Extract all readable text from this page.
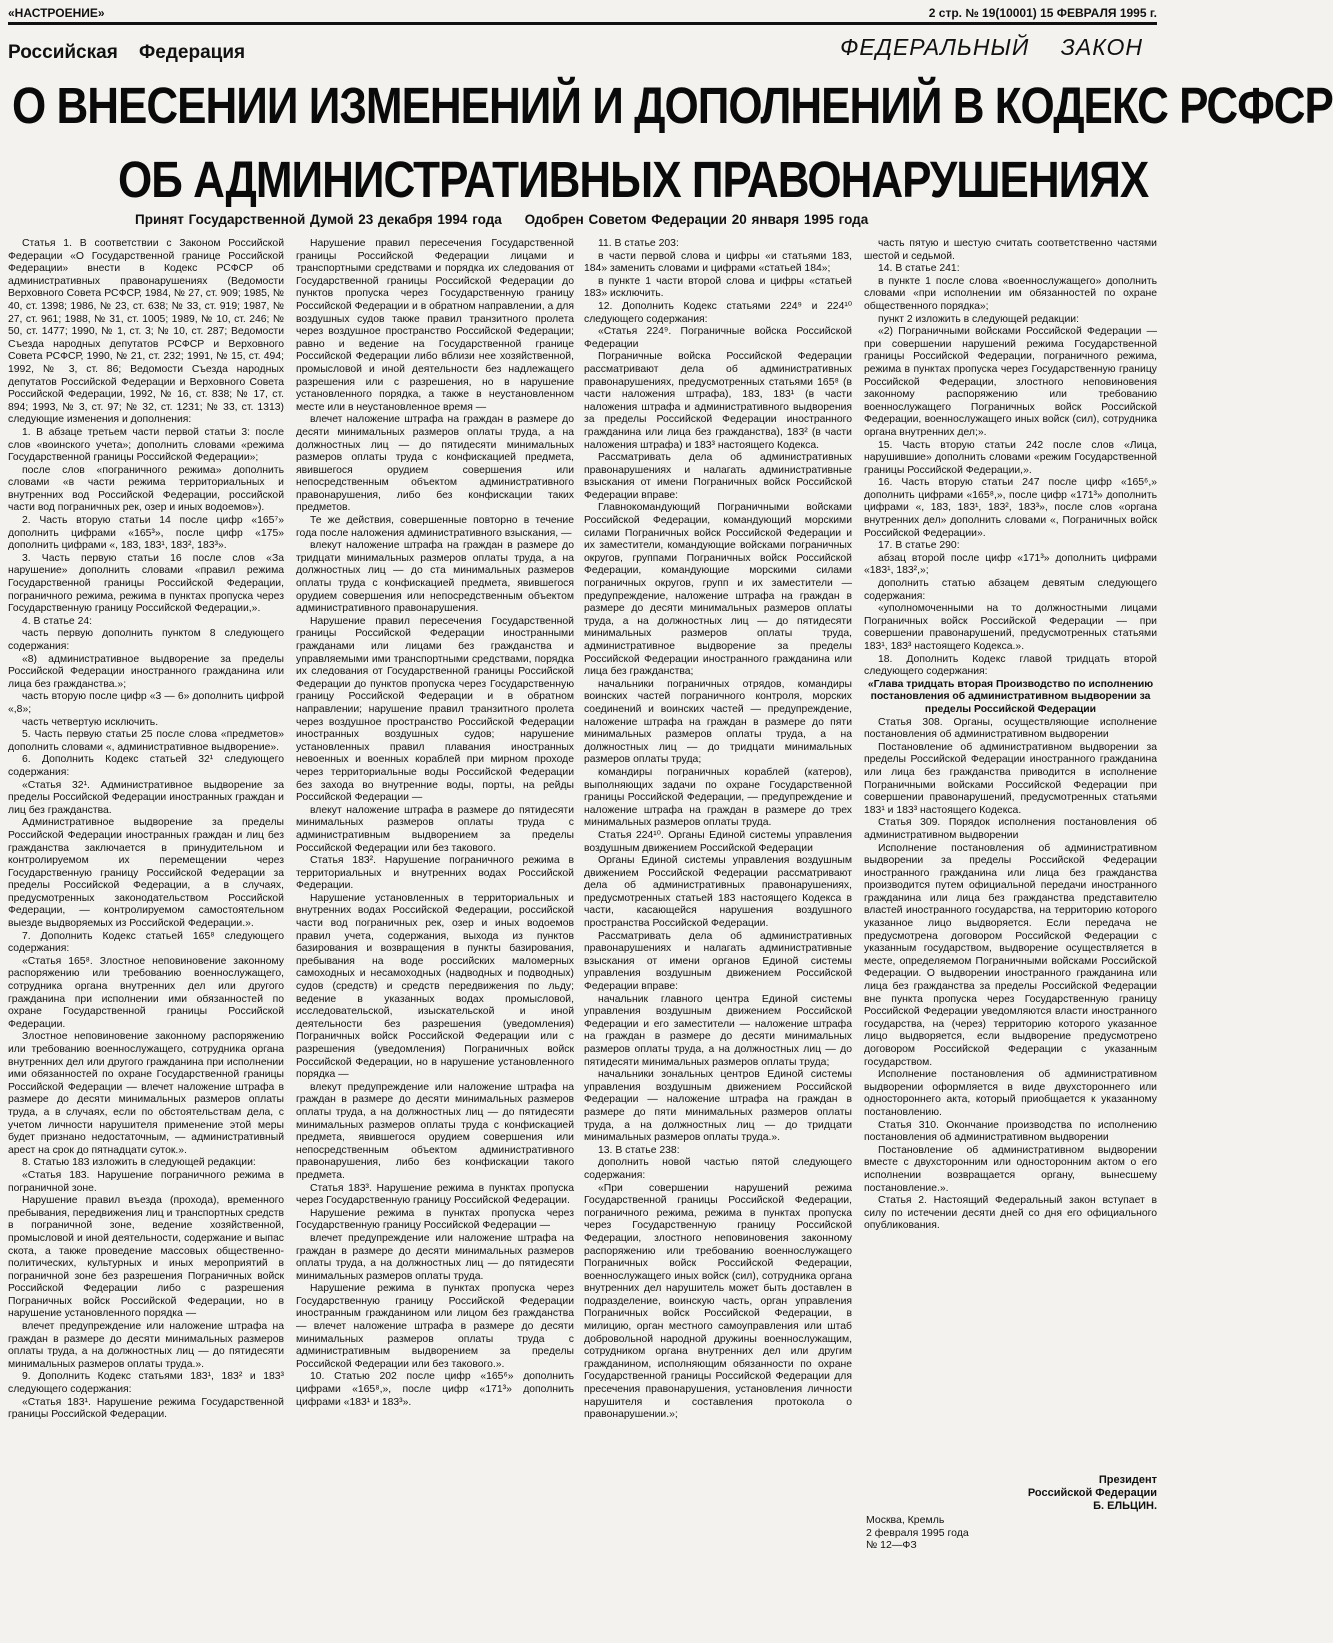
«НАСТРОЕНИЕ»	2 стр. № 19(10001) 15 ФЕВРАЛЯ 1995 г.
Российская Федерация	ФЕДЕРАЛЬНЫЙ ЗАКОН
О ВНЕСЕНИИ ИЗМЕНЕНИЙ И ДОПОЛНЕНИЙ В КОДЕКС РСФСР
ОБ АДМИНИСТРАТИВНЫХ ПРАВОНАРУШЕНИЯХ
Принят Государственной Думой 23 декабря 1994 года Одобрен Советом Федерации 20 января 1995 года

Статья 1. В соответствии с Законом Российской Федерации «О Государственной границе Российской Федерации» внести в Кодекс РСФСР об административных правонарушениях (Ведомости Верховного Совета РСФСР, 1984, № 27, ст. 909; 1985, № 40, ст. 1398; 1986, № 23, ст. 638; № 33, ст. 919; 1987, № 27, ст. 961; 1988, № 31, ст. 1005; 1989, № 10, ст. 246; № 50, ст. 1477; 1990, № 1, ст. 3; № 10, ст. 287; Ведомости Съезда народных депутатов РСФСР и Верховного Совета РСФСР, 1990, № 21, ст. 232; 1991, № 15, ст. 494; 1992, № 3, ст. 86; Ведомости Съезда народных депутатов Российской Федерации и Верховного Совета Российской Федерации, 1992, № 16, ст. 838; № 17, ст. 894; 1993, № 3, ст. 97; № 32, ст. 1231; № 33, ст. 1313) следующие изменения и дополнения:

1. В абзаце третьем части первой статьи 3: после слов «воинского учета»; дополнить словами «режима Государственной границы Российской Федерации»;

после слов «пограничного режима» дополнить словами «в части режима территориальных и внутренних вод Российской Федерации, российской части вод пограничных рек, озер и иных водоемов»).

2. Часть вторую статьи 14 после цифр «165⁷» дополнить цифрами «165³», после цифр «175» дополнить цифрами «, 183, 183¹, 183², 183³».

3. Часть первую статьи 16 после слов «За нарушение» дополнить словами «правил режима Государственной границы Российской Федерации, пограничного режима, режима в пунктах пропуска через Государственную границу Российской Федерации,».

4. В статье 24:

часть первую дополнить пунктом 8 следующего содержания:

«8) административное выдворение за пределы Российской Федерации иностранного гражданина или лица без гражданства.»;

часть вторую после цифр «3 — 6» дополнить цифрой «,8»;

часть четвертую исключить.

5. Часть первую статьи 25 после слова «предметов» дополнить словами «, административное выдворение».

6. Дополнить Кодекс статьей 32¹ следующего содержания:

«Статья 32¹. Административное выдворение за пределы Российской Федерации иностранных граждан и лиц без гражданства.

Административное выдворение за пределы Российской Федерации иностранных граждан и лиц без гражданства заключается в принудительном и контролируемом их перемещении через Государственную границу Российской Федерации за пределы Российской Федерации, а в случаях, предусмотренных законодательством Российской Федерации, — контролируемом самостоятельном выезде выдворяемых из Российской Федерации.».

7. Дополнить Кодекс статьей 165⁸ следующего содержания:

«Статья 165⁸. Злостное неповиновение законному распоряжению или требованию военнослужащего, сотрудника органа внутренних дел или другого гражданина при исполнении ими обязанностей по охране Государственной границы Российской Федерации.

Злостное неповиновение законному распоряжению или требованию военнослужащего, сотрудника органа внутренних дел или другого гражданина при исполнении ими обязанностей по охране Государственной границы Российской Федерации — влечет наложение штрафа в размере до десяти минимальных размеров оплаты труда, а в случаях, если по обстоятельствам дела, с учетом личности нарушителя применение этой меры будет признано недостаточным, — административный арест на срок до пятнадцати суток.».

8. Статью 183 изложить в следующей редакции:

«Статья 183. Нарушение пограничного режима в пограничной зоне.

Нарушение правил въезда (прохода), временного пребывания, передвижения лиц и транспортных средств в пограничной зоне, ведение хозяйственной, промысловой и иной деятельности, содержание и выпас скота, а также проведение массовых общественно-политических, культурных и иных мероприятий в пограничной зоне без разрешения Пограничных войск Российской Федерации либо с разрешения Пограничных войск Российской Федерации, но в нарушение установленного порядка —

влечет предупреждение или наложение штрафа на граждан в размере до десяти минимальных размеров оплаты труда, а на должностных лиц — до пятидесяти минимальных размеров оплаты труда.».

9. Дополнить Кодекс статьями 183¹, 183² и 183³ следующего содержания:

«Статья 183¹. Нарушение режима Государственной границы Российской Федерации.

Нарушение правил пересечения Государственной границы Российской Федерации лицами и транспортными средствами и порядка их следования от Государственной границы Российской Федерации до пунктов пропуска через Государственную границу Российской Федерации и в обратном направлении, а для воздушных судов также правил транзитного пролета через воздушное пространство Российской Федерации; равно и ведение на Государственной границе Российской Федерации либо вблизи нее хозяйственной, промысловой и иной деятельности без надлежащего разрешения или с разрешения, но в нарушение установленного порядка, а также в неустановленном месте или в неустановленное время —

влечет наложение штрафа на граждан в размере до десяти минимальных размеров оплаты труда, а на должностных лиц — до пятидесяти минимальных размеров оплаты труда с конфискацией предмета, явившегося орудием совершения или непосредственным объектом административного правонарушения, либо без конфискации таких предметов.

Те же действия, совершенные повторно в течение года после наложения административного взыскания, —

влекут наложение штрафа на граждан в размере до тридцати минимальных размеров оплаты труда, а на должностных лиц — до ста минимальных размеров оплаты труда с конфискацией предмета, явившегося орудием совершения или непосредственным объектом административного правонарушения.

Нарушение правил пересечения Государственной границы Российской Федерации иностранными гражданами или лицами без гражданства и управляемыми ими транспортными средствами, порядка их следования от Государственной границы Российской Федерации до пунктов пропуска через Государственную границу Российской Федерации и в обратном направлении; нарушение правил транзитного пролета через воздушное пространство Российской Федерации иностранных воздушных судов; нарушение установленных правил плавания иностранных невоенных и военных кораблей при мирном проходе через территориальные воды Российской Федерации без захода во внутренние воды, порты, на рейды Российской Федерации —

влекут наложение штрафа в размере до пятидесяти минимальных размеров оплаты труда с административным выдворением за пределы Российской Федерации или без такового.

Статья 183². Нарушение пограничного режима в территориальных и внутренних водах Российской Федерации.

Нарушение установленных в территориальных и внутренних водах Российской Федерации, российской части вод пограничных рек, озер и иных водоемов правил учета, содержания, выхода из пунктов базирования и возвращения в пункты базирования, пребывания на воде российских маломерных самоходных и несамоходных (надводных и подводных) судов (средств) и средств передвижения по льду; ведение в указанных водах промысловой, исследовательской, изыскательской и иной деятельности без разрешения (уведомления) Пограничных войск Российской Федерации или с разрешения (уведомления) Пограничных войск Российской Федерации, но в нарушение установленного порядка —

влекут предупреждение или наложение штрафа на граждан в размере до десяти минимальных размеров оплаты труда, а на должностных лиц — до пятидесяти минимальных размеров оплаты труда с конфискацией предмета, явившегося орудием совершения или непосредственным объектом административного правонарушения, либо без конфискации такого предмета.

Статья 183³. Нарушение режима в пунктах пропуска через Государственную границу Российской Федерации.

Нарушение режима в пунктах пропуска через Государственную границу Российской Федерации —

влечет предупреждение или наложение штрафа на граждан в размере до десяти минимальных размеров оплаты труда, а на должностных лиц — до пятидесяти минимальных размеров оплаты труда.

Нарушение режима в пунктах пропуска через Государственную границу Российской Федерации иностранным гражданином или лицом без гражданства — влечет наложение штрафа в размере до десяти минимальных размеров оплаты труда с административным выдворением за пределы Российской Федерации или без такового.».

10. Статью 202 после цифр «165⁶» дополнить цифрами «165⁸,», после цифр «171³» дополнить цифрами «183¹ и 183³».

11. В статье 203:

в части первой слова и цифры «и статьями 183, 184» заменить словами и цифрами «статьей 184»;

в пункте 1 части второй слова и цифры «статьей 183» исключить.

12. Дополнить Кодекс статьями 224⁹ и 224¹⁰ следующего содержания:

«Статья 224⁹. Пограничные войска Российской Федерации

Пограничные войска Российской Федерации рассматривают дела об административных правонарушениях, предусмотренных статьями 165⁸ (в части наложения штрафа), 183, 183¹ (в части наложения штрафа и административного выдворения за пределы Российской Федерации иностранного гражданина или лица без гражданства), 183² (в части наложения штрафа) и 183³ настоящего Кодекса.

Рассматривать дела об административных правонарушениях и налагать административные взыскания от имени Пограничных войск Российской Федерации вправе:

Главнокомандующий Пограничными войсками Российской Федерации, командующий морскими силами Пограничных войск Российской Федерации и их заместители, командующие войсками пограничных округов, группами Пограничных войск Российской Федерации, командующие морскими силами пограничных округов, групп и их заместители — предупреждение, наложение штрафа на граждан в размере до десяти минимальных размеров оплаты труда, а на должностных лиц — до пятидесяти минимальных размеров оплаты труда, административное выдворение за пределы Российской Федерации иностранного гражданина или лица без гражданства;

начальники пограничных отрядов, командиры воинских частей пограничного контроля, морских соединений и воинских частей — предупреждение, наложение штрафа на граждан в размере до пяти минимальных размеров оплаты труда, а на должностных лиц — до тридцати минимальных размеров оплаты труда;

командиры пограничных кораблей (катеров), выполняющих задачи по охране Государственной границы Российской Федерации, — предупреждение и наложение штрафа на граждан в размере до трех минимальных размеров оплаты труда.

Статья 224¹⁰. Органы Единой системы управления воздушным движением Российской Федерации

Органы Единой системы управления воздушным движением Российской Федерации рассматривают дела об административных правонарушениях, предусмотренных статьей 183 настоящего Кодекса в части, касающейся нарушения воздушного пространства Российской Федерации.

Рассматривать дела об административных правонарушениях и налагать административные взыскания от имени органов Единой системы управления воздушным движением Российской Федерации вправе:

начальник главного центра Единой системы управления воздушным движением Российской Федерации и его заместители — наложение штрафа на граждан в размере до десяти минимальных размеров оплаты труда, а на должностных лиц — до пятидесяти минимальных размеров оплаты труда;

начальники зональных центров Единой системы управления воздушным движением Российской Федерации — наложение штрафа на граждан в размере до пяти минимальных размеров оплаты труда, а на должностных лиц — до тридцати минимальных размеров оплаты труда.».

13. В статье 238:

дополнить новой частью пятой следующего содержания:

«При совершении нарушений режима Государственной границы Российской Федерации, пограничного режима, режима в пунктах пропуска через Государственную границу Российской Федерации, злостного неповиновения законному распоряжению или требованию военнослужащего Пограничных войск Российской Федерации, военнослужащего иных войск (сил), сотрудника органа внутренних дел нарушитель может быть доставлен в подразделение, воинскую часть, орган управления Пограничных войск Российской Федерации, в милицию, орган местного самоуправления или штаб добровольной народной дружины военнослужащим, сотрудником органа внутренних дел или другим гражданином, исполняющим обязанности по охране Государственной границы Российской Федерации для пресечения правонарушения, установления личности нарушителя и составления протокола о правонарушении.»;

часть пятую и шестую считать соответственно частями шестой и седьмой.

14. В статье 241:

в пункте 1 после слова «военнослужащего» дополнить словами «при исполнении им обязанностей по охране общественного порядка»;

пункт 2 изложить в следующей редакции:

«2) Пограничными войсками Российской Федерации — при совершении нарушений режима Государственной границы Российской Федерации, пограничного режима, режима в пунктах пропуска через Государственную границу Российской Федерации, злостного неповиновения законному распоряжению или требованию военнослужащего Пограничных войск Российской Федерации, военнослужащего иных войск (сил), сотрудника органа внутренних дел;».

15. Часть вторую статьи 242 после слов «Лица, нарушившие» дополнить словами «режим Государственной границы Российской Федерации,».

16. Часть вторую статьи 247 после цифр «165⁶,» дополнить цифрами «165⁸,», после цифр «171³» дополнить цифрами «, 183, 183¹, 183², 183³», после слов «органа внутренних дел» дополнить словами «, Пограничных войск Российской Федерации».

17. В статье 290:

абзац второй после цифр «171³» дополнить цифрами «183¹, 183²,»;

дополнить статью абзацем девятым следующего содержания:

«уполномоченными на то должностными лицами Пограничных войск Российской Федерации — при совершении правонарушений, предусмотренных статьями 183¹, 183³ настоящего Кодекса.».

18. Дополнить Кодекс главой тридцать второй следующего содержания:

«Глава тридцать вторая Производство по исполнению постановления об административном выдворении за пределы Российской Федерации

Статья 308. Органы, осуществляющие исполнение постановления об административном выдворении

Постановление об административном выдворении за пределы Российской Федерации иностранного гражданина или лица без гражданства приводится в исполнение Пограничными войсками Российской Федерации при совершении правонарушений, предусмотренных статьями 183¹ и 183³ настоящего Кодекса.

Статья 309. Порядок исполнения постановления об административном выдворении

Исполнение постановления об административном выдворении за пределы Российской Федерации иностранного гражданина или лица без гражданства производится путем официальной передачи иностранного гражданина или лица без гражданства представителю властей иностранного государства, на территорию которого указанное лицо выдворяется. Если передача не предусмотрена договором Российской Федерации с указанным государством, выдворение осуществляется в месте, определяемом Пограничными войсками Российской Федерации. О выдворении иностранного гражданина или лица без гражданства за пределы Российской Федерации вне пункта пропуска через Государственную границу Российской Федерации уведомляются власти иностранного государства, на (через) территорию которого указанное лицо выдворяется, если выдворение предусмотрено договором Российской Федерации с указанным государством.

Исполнение постановления об административном выдворении оформляется в виде двухстороннего или одностороннего акта, который приобщается к указанному постановлению.

Статья 310. Окончание производства по исполнению постановления об административном выдворении

Постановление об административном выдворении вместе с двухсторонним или односторонним актом о его исполнении возвращается органу, вынесшему постановление.».

Статья 2. Настоящий Федеральный закон вступает в силу по истечении десяти дней со дня его официального опубликования.

Президент
Российской Федерации
Б. ЕЛЬЦИН.
Москва, Кремль
2 февраля 1995 года
№ 12—ФЗ
